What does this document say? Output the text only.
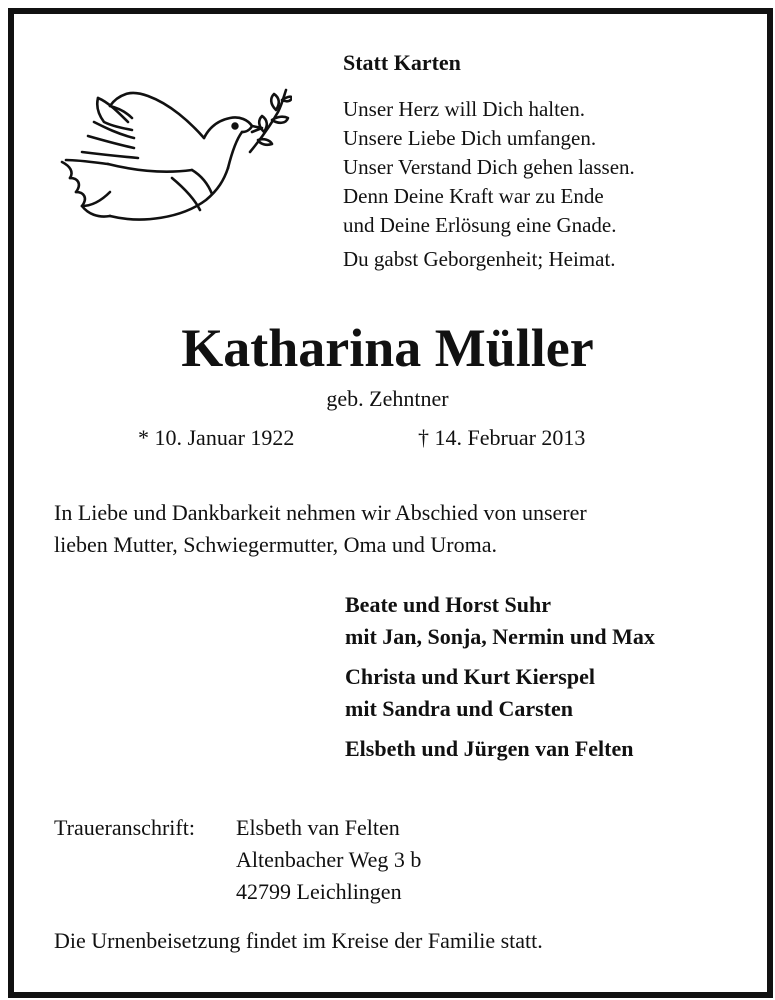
Statt Karten
Unser Herz will Dich halten.
Unsere Liebe Dich umfangen.
Unser Verstand Dich gehen lassen.
Denn Deine Kraft war zu Ende
und Deine Erlösung eine Gnade.
Du gabst Geborgenheit; Heimat.
Katharina Müller
geb. Zehntner
* 10. Januar 1922	† 14. Februar 2013
In Liebe und Dankbarkeit nehmen wir Abschied von unserer
lieben Mutter, Schwiegermutter, Oma und Uroma.
Beate und Horst Suhr
mit Jan, Sonja, Nermin und Max
Christa und Kurt Kierspel
mit Sandra und Carsten
Elsbeth und Jürgen van Felten
Traueranschrift: Elsbeth van Felten
Altenbacher Weg 3 b
42799 Leichlingen
Die Urnenbeisetzung findet im Kreise der Familie statt.
